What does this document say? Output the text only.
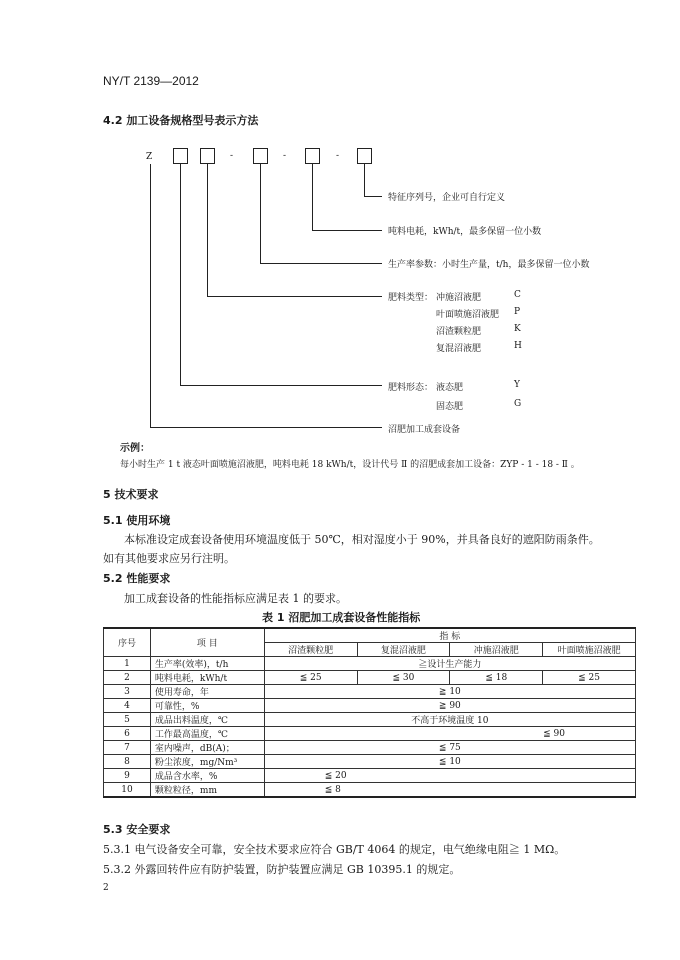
NY/T 2139—2012
4.2 加工设备规格型号表示方法
Z	-	-	-
特征序列号，企业可自行定义
吨料电耗，kWh/t，最多保留一位小数
生产率参数：小时生产量，t/h，最多保留一位小数
肥料类型： 冲施沼液肥	C
叶面喷施沼液肥 P
沼渣颗粒肥	K
复混沼液肥	H
肥料形态： 液态肥	Y
固态肥	G
沼肥加工成套设备
示例：
每小时生产 1 t 液态叶面喷施沼液肥，吨料电耗 18 kWh/t，设计代号 Ⅱ 的沼肥成套加工设备：ZYP - 1 - 18 - Ⅱ 。
5 技术要求
5.1 使用环境
本标准设定成套设备使用环境温度低于 50℃，相对湿度小于 90%，并具备良好的遮阳防雨条件。
如有其他要求应另行注明。
5.2 性能要求
加工成套设备的性能指标应满足表 1 的要求。
表 1 沼肥加工成套设备性能指标
序号	项 目	指 标			
		沼渣颗粒肥	复混沼液肥	冲施沼液肥	叶面喷施沼液肥
1	生产率(效率)，t/h	≧设计生产能力			
2	吨料电耗，kWh/t	≦ 25	≦ 30	≦ 18	≦ 25
3	使用寿命，年	≧ 10			
4	可靠性，%	≧ 90			
5	成品出料温度，℃	不高于环境温度 10			
6	工作最高温度，℃	≦ 90			
7	室内噪声，dB(A)；	≦ 75			
8	粉尘浓度，mg/Nm³	≦ 10			
9	成品含水率，%	≦ 20			
10	颗粒粒径，mm	≦ 8			
5.3 安全要求
5.3.1 电气设备安全可靠，安全技术要求应符合 GB/T 4064 的规定，电气绝缘电阻≧ 1 MΩ。
5.3.2 外露回转件应有防护装置，防护装置应满足 GB 10395.1 的规定。
2
